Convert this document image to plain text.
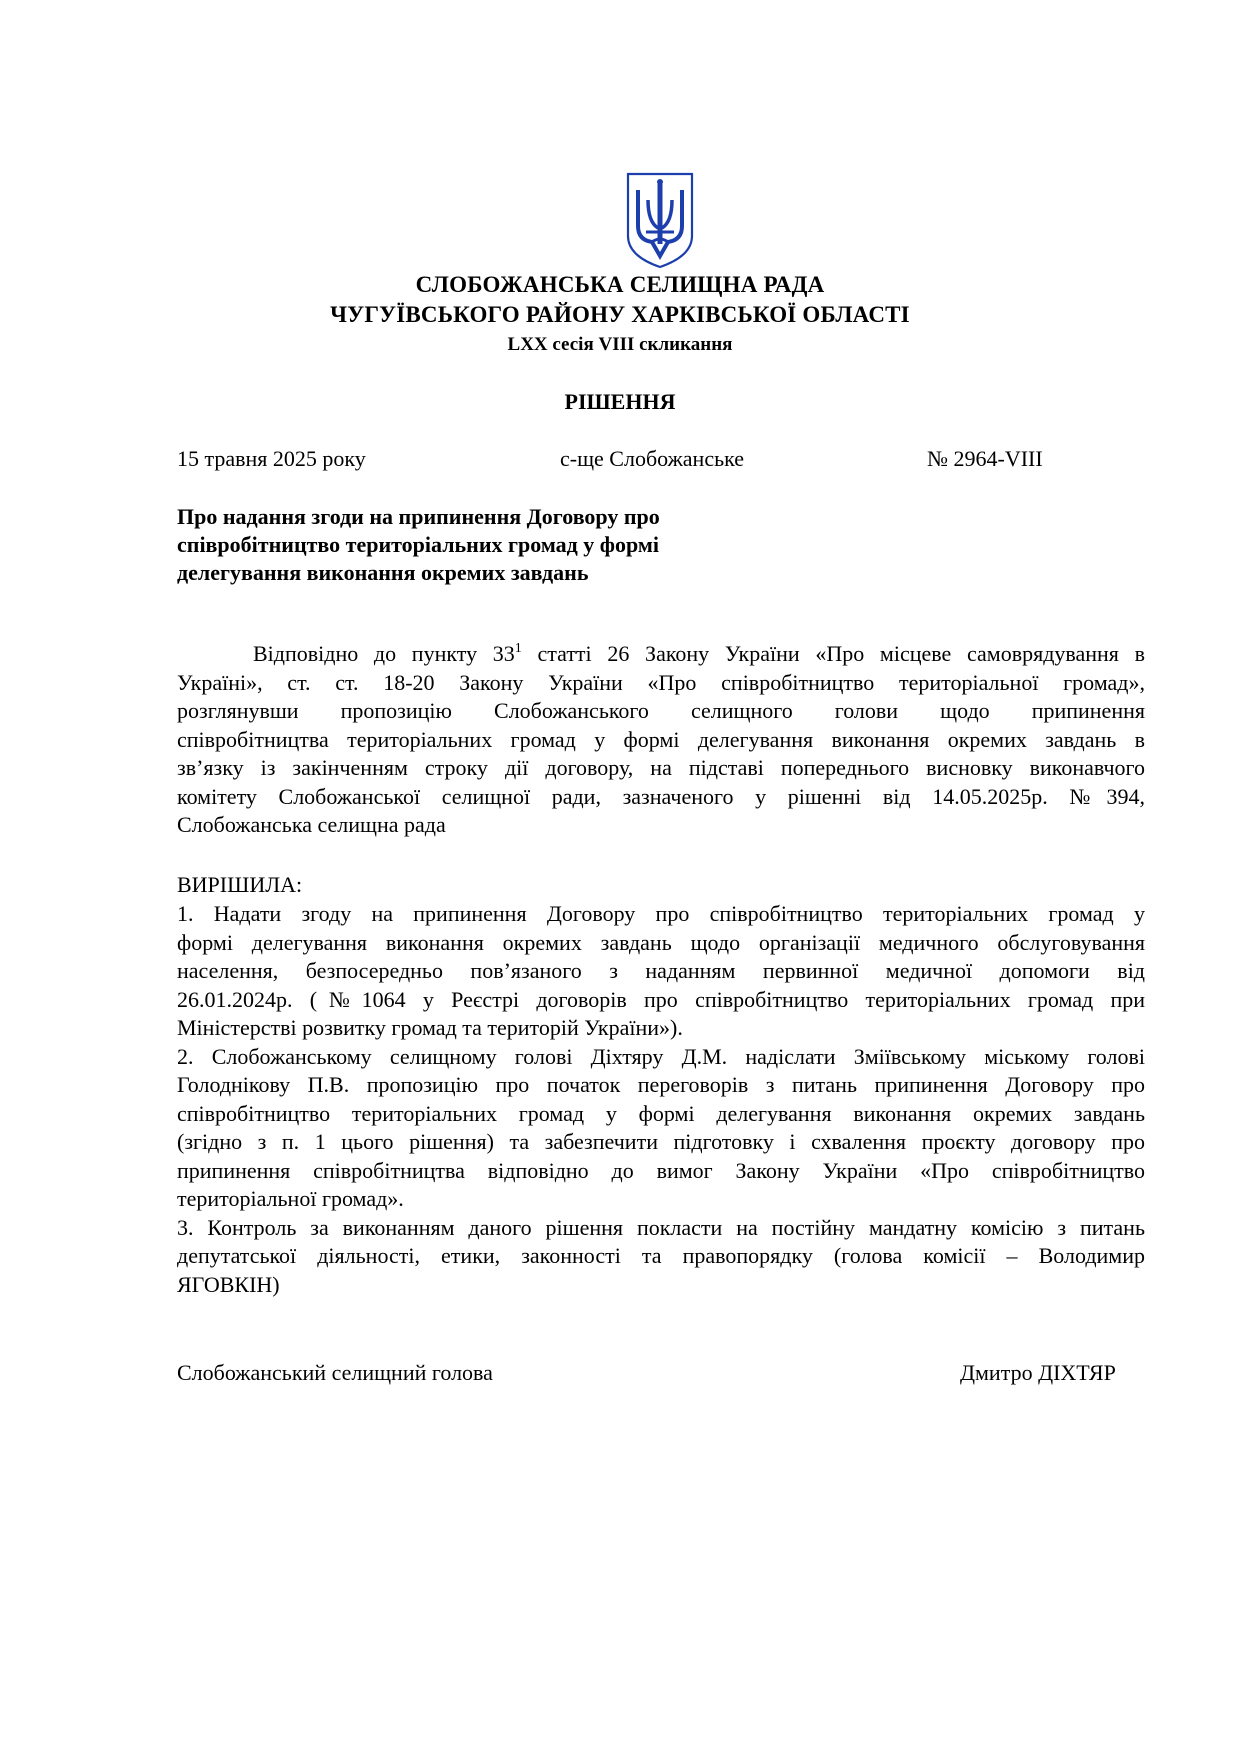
СЛОБОЖАНСЬКА СЕЛИЩНА РАДА
ЧУГУЇВСЬКОГО РАЙОНУ ХАРКІВСЬКОЇ ОБЛАСТІ
LXX сесія VIII скликання
РІШЕННЯ
15 травня 2025 року	с-ще Слобожанське	№ 2964-VIII
Про надання згоди на припинення Договору про співробітництво територіальних громад у формі делегування виконання окремих завдань
Відповідно до пункту $33^1$ статті 26 Закону України «Про місцеве самоврядування в
Україні», ст. ст. 18-20 Закону України «Про співробітництво територіальної громад»,
розглянувши пропозицію Слобожанського селищного голови щодо припинення
співробітництва територіальних громад у формі делегування виконання окремих завдань в
зв’язку із закінченням строку дії договору, на підставі попереднього висновку виконавчого
комітету Слобожанської селищної ради, зазначеного у рішенні від 14.05.2025р. №394,
Слобожанська селищна рада
ВИРІШИЛА:
1. Надати згоду на припинення Договору про співробітництво територіальних громад у
формі делегування виконання окремих завдань щодо організації медичного обслуговування
населення, безпосередньо пов’язаного з наданням первинної медичної допомоги від
26.01.2024р. (№1064 у Реєстрі договорів про співробітництво територіальних громад при
Міністерстві розвитку громад та територій України»).
2. Слобожанському селищному голові Діхтяру Д.М. надіслати Зміївському міському голові
Голоднікову П.В. пропозицію про початок переговорів з питань припинення Договору про
співробітництво територіальних громад у формі делегування виконання окремих завдань
(згідно з п. 1 цього рішення) та забезпечити підготовку і схвалення проєкту договору про
припинення співробітництва відповідно до вимог Закону України «Про співробітництво
територіальної громад».
3. Контроль за виконанням даного рішення покласти на постійну мандатну комісію з питань
депутатської діяльності, етики, законності та правопорядку (голова комісії – Володимир
ЯГОВКІН)
Слобожанський селищний голова	Дмитро ДІХТЯР
